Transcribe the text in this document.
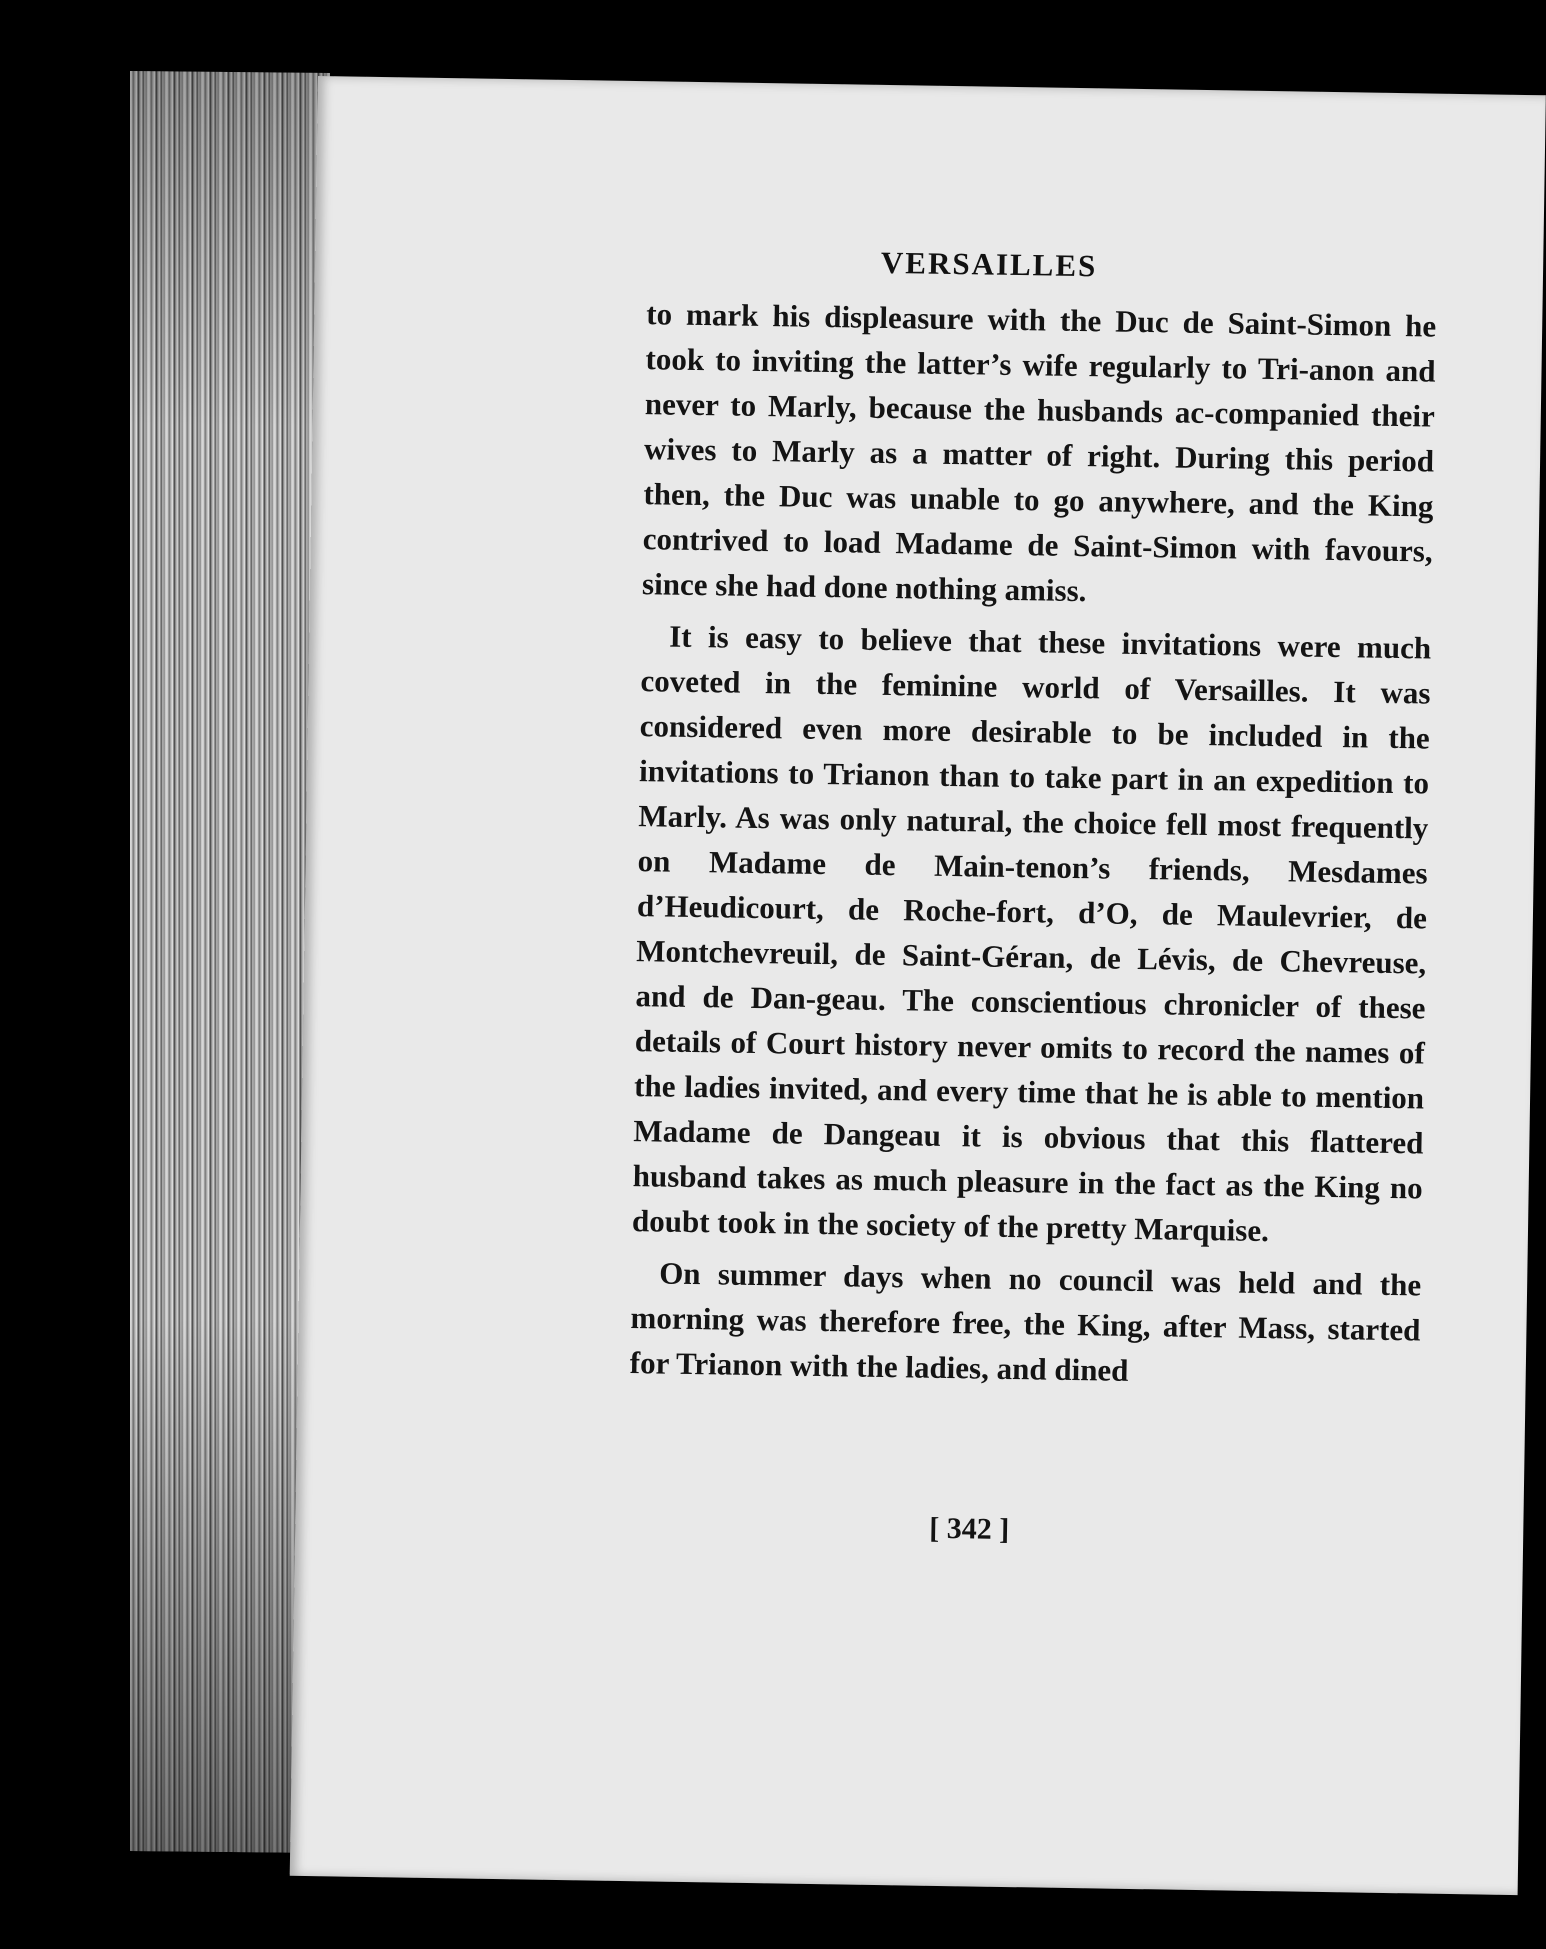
VERSAILLES

to mark his displeasure with the Duc de Saint-Simon he took to inviting the latter’s wife regularly to Tri-anon and never to Marly, because the husbands ac-companied their wives to Marly as a matter of right. During this period then, the Duc was unable to go anywhere, and the King contrived to load Madame de Saint-Simon with favours, since she had done nothing amiss.

It is easy to believe that these invitations were much coveted in the feminine world of Versailles. It was considered even more desirable to be included in the invitations to Trianon than to take part in an expedition to Marly. As was only natural, the choice fell most frequently on Madame de Main-tenon’s friends, Mesdames d’Heudicourt, de Roche-fort, d’O, de Maulevrier, de Montchevreuil, de Saint-Géran, de Lévis, de Chevreuse, and de Dan-geau. The conscientious chronicler of these details of Court history never omits to record the names of the ladies invited, and every time that he is able to mention Madame de Dangeau it is obvious that this flattered husband takes as much pleasure in the fact as the King no doubt took in the society of the pretty Marquise.

On summer days when no council was held and the morning was therefore free, the King, after Mass, started for Trianon with the ladies, and dined

[ 342 ]
